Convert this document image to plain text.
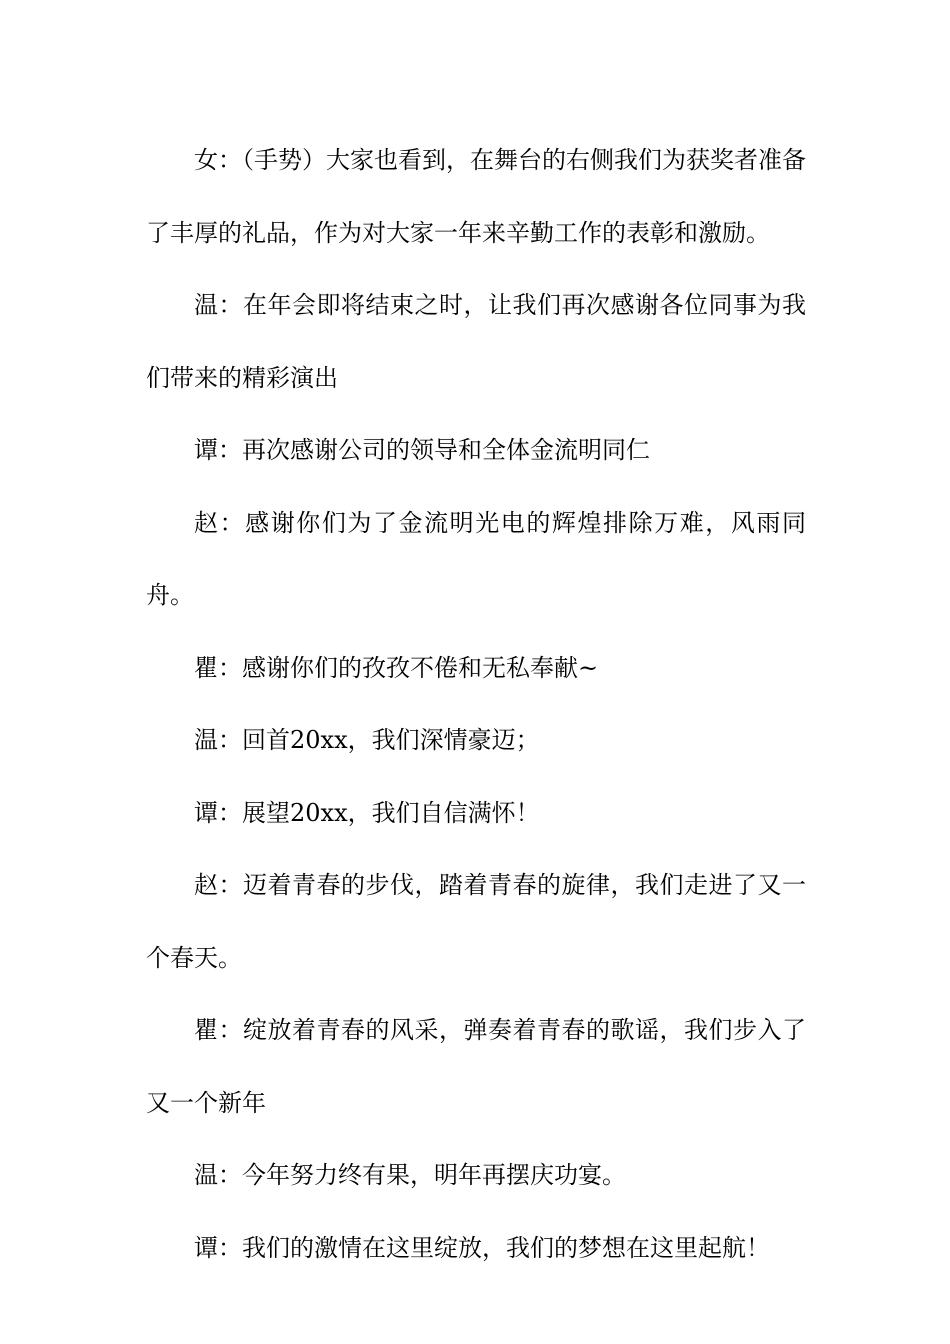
女：（手势）大家也看到，在舞台的右侧我们为获奖者准备了丰厚的礼品，作为对大家一年来辛勤工作的表彰和激励。

温：在年会即将结束之时，让我们再次感谢各位同事为我们带来的精彩演出

谭：再次感谢公司的领导和全体金流明同仁

赵：感谢你们为了金流明光电的辉煌排除万难，风雨同舟。

瞿：感谢你们的孜孜不倦和无私奉献~

温：回首20xx，我们深情豪迈；

谭：展望20xx，我们自信满怀！

赵：迈着青春的步伐，踏着青春的旋律，我们走进了又一个春天。

瞿：绽放着青春的风采，弹奏着青春的歌谣，我们步入了又一个新年

温：今年努力终有果，明年再摆庆功宴。

谭：我们的激情在这里绽放，我们的梦想在这里起航！
